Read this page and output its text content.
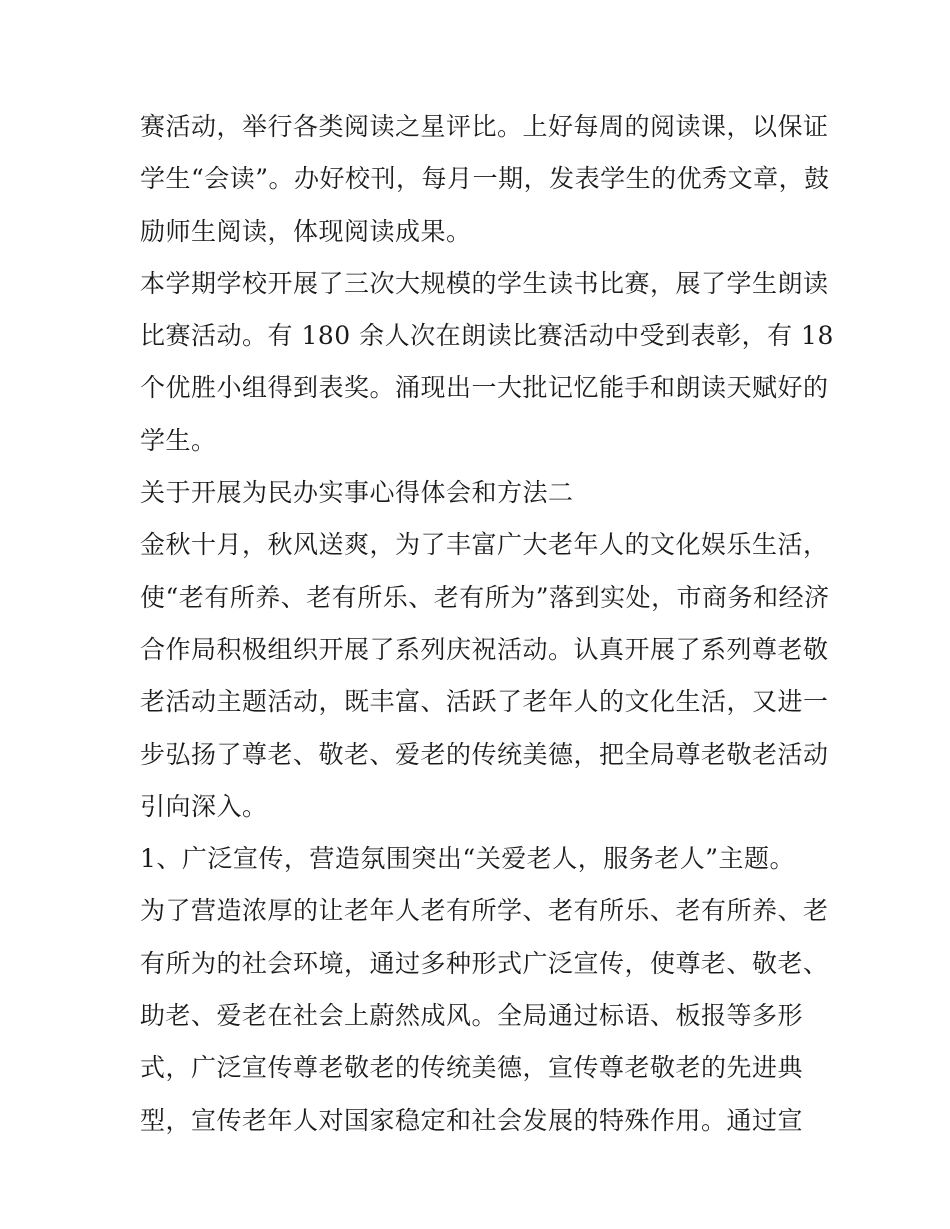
赛活动，举行各类阅读之星评比。上好每周的阅读课，以保证
学生“会读”。办好校刊，每月一期，发表学生的优秀文章，鼓
励师生阅读，体现阅读成果。
本学期学校开展了三次大规模的学生读书比赛，展了学生朗读
比赛活动。有 180 余人次在朗读比赛活动中受到表彰，有 18
个优胜小组得到表奖。涌现出一大批记忆能手和朗读天赋好的
学生。
关于开展为民办实事心得体会和方法二
金秋十月，秋风送爽，为了丰富广大老年人的文化娱乐生活，
使“老有所养、老有所乐、老有所为”落到实处，市商务和经济
合作局积极组织开展了系列庆祝活动。认真开展了系列尊老敬
老活动主题活动，既丰富、活跃了老年人的文化生活，又进一
步弘扬了尊老、敬老、爱老的传统美德，把全局尊老敬老活动
引向深入。
1、广泛宣传，营造氛围突出“关爱老人，服务老人”主题。
为了营造浓厚的让老年人老有所学、老有所乐、老有所养、老
有所为的社会环境，通过多种形式广泛宣传，使尊老、敬老、
助老、爱老在社会上蔚然成风。全局通过标语、板报等多形
式，广泛宣传尊老敬老的传统美德，宣传尊老敬老的先进典
型，宣传老年人对国家稳定和社会发展的特殊作用。通过宣
